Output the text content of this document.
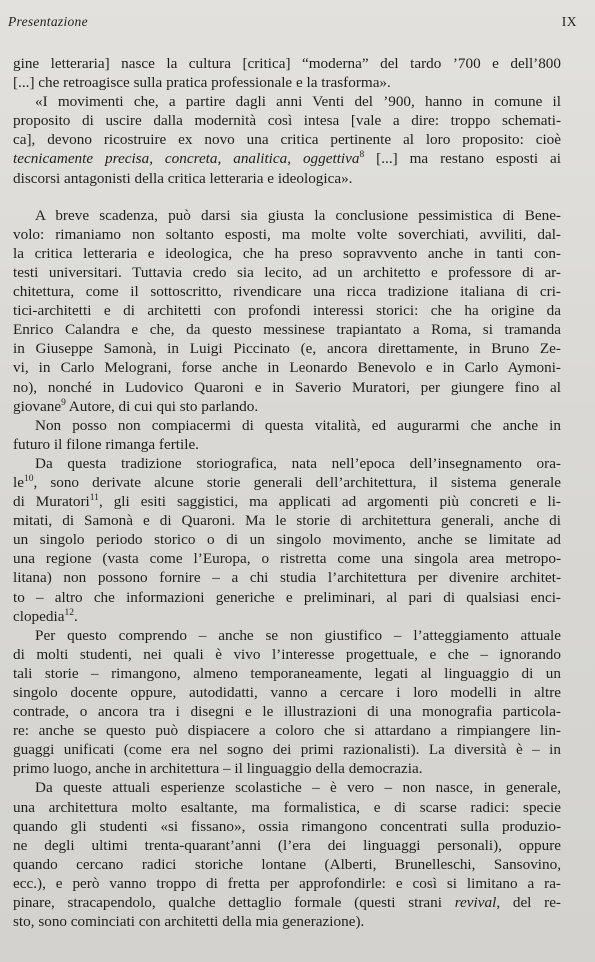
Presentazione	IX
gine letteraria] nasce la cultura [critica] “moderna” del tardo ’700 e dell’800
[...] che retroagisce sulla pratica professionale e la trasforma».
«I movimenti che, a partire dagli anni Venti del ’900, hanno in comune il
proposito di uscire dalla modernità così intesa [vale a dire: troppo schemati-
ca], devono ricostruire ex novo una critica pertinente al loro proposito: cioè
tecnicamente precisa, concreta, analitica, oggettiva$^8$ [...] ma restano esposti ai
discorsi antagonisti della critica letteraria e ideologica».
A breve scadenza, può darsi sia giusta la conclusione pessimistica di Bene-
volo: rimaniamo non soltanto esposti, ma molte volte soverchiati, avviliti, dal-
la critica letteraria e ideologica, che ha preso sopravvento anche in tanti con-
testi universitari. Tuttavia credo sia lecito, ad un architetto e professore di ar-
chitettura, come il sottoscritto, rivendicare una ricca tradizione italiana di cri-
tici-architetti e di architetti con profondi interessi storici: che ha origine da
Enrico Calandra e che, da questo messinese trapiantato a Roma, si tramanda
in Giuseppe Samonà, in Luigi Piccinato (e, ancora direttamente, in Bruno Ze-
vi, in Carlo Melograni, forse anche in Leonardo Benevolo e in Carlo Aymoni-
no), nonché in Ludovico Quaroni e in Saverio Muratori, per giungere fino al
giovane$^9$ Autore, di cui qui sto parlando.
Non posso non compiacermi di questa vitalità, ed augurarmi che anche in
futuro il filone rimanga fertile.
Da questa tradizione storiografica, nata nell’epoca dell’insegnamento ora-
$le^{10}$, sono derivate alcune storie generali dell’architettura, il sistema generale
di Muratori$^{11}$, gli esiti saggistici, ma applicati ad argomenti più concreti e li-
mitati, di Samonà e di Quaroni. Ma le storie di architettura generali, anche di
un singolo periodo storico o di un singolo movimento, anche se limitate ad
una regione (vasta come l’Europa, o ristretta come una singola area metropo-
litana) non possono fornire – a chi studia l’architettura per divenire architet-
to – altro che informazioni generiche e preliminari, al pari di qualsiasi enci-
clopedia$^{12}$.
Per questo comprendo – anche se non giustifico – l’atteggiamento attuale
di molti studenti, nei quali è vivo l’interesse progettuale, e che – ignorando
tali storie – rimangono, almeno temporaneamente, legati al linguaggio di un
singolo docente oppure, autodidatti, vanno a cercare i loro modelli in altre
contrade, o ancora tra i disegni e le illustrazioni di una monografia particola-
re: anche se questo può dispiacere a coloro che si attardano a rimpiangere lin-
guaggi unificati (come era nel sogno dei primi razionalisti). La diversità è – in
primo luogo, anche in architettura – il linguaggio della democrazia.
Da queste attuali esperienze scolastiche – è vero – non nasce, in generale,
una architettura molto esaltante, ma formalistica, e di scarse radici: specie
quando gli studenti «si fissano», ossia rimangono concentrati sulla produzio-
ne degli ultimi trenta-quarant’anni (l’era dei linguaggi personali), oppure
quando cercano radici storiche lontane (Alberti, Brunelleschi, Sansovino,
ecc.), e però vanno troppo di fretta per approfondirle: e così si limitano a ra-
pinare, stracapendolo, qualche dettaglio formale (questi strani revival, del re-
sto, sono cominciati con architetti della mia generazione).
